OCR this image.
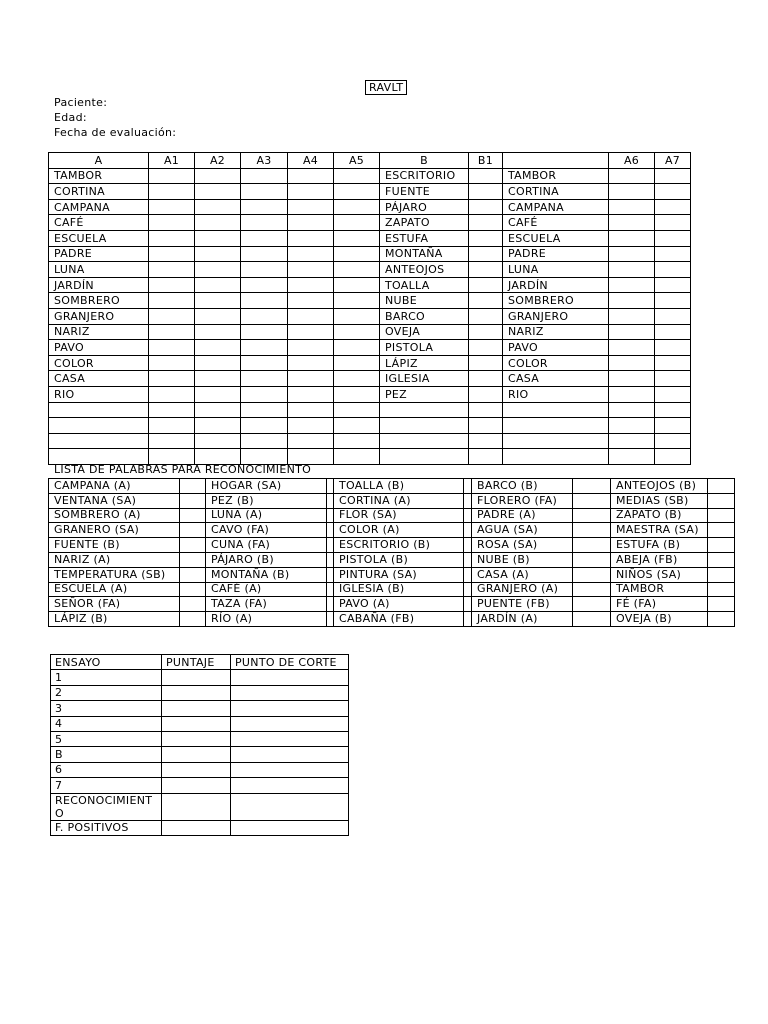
RAVLT
Paciente:
Edad:
Fecha de evaluación:
A	A1	A2	A3	A4	A5	B	B1		A6	A7
TAMBOR						ESCRITORIO		TAMBOR		
CORTINA						FUENTE		CORTINA		
CAMPANA						PÁJARO		CAMPANA		
CAFÉ						ZAPATO		CAFÉ		
ESCUELA						ESTUFA		ESCUELA		
PADRE						MONTAÑA		PADRE		
LUNA						ANTEOJOS		LUNA		
JARDÍN						TOALLA		JARDÍN		
SOMBRERO						NUBE		SOMBRERO		
GRANJERO						BARCO		GRANJERO		
NARIZ						OVEJA		NARIZ		
PAVO						PISTOLA		PAVO		
COLOR						LÁPIZ		COLOR		
CASA						IGLESIA		CASA		
RIO						PEZ		RIO		

LISTA DE PALABRAS PARA RECONOCIMIENTO
CAMPANA (A)		HOGAR (SA)		TOALLA (B)		BARCO (B)		ANTEOJOS (B)	
VENTANA (SA)		PEZ (B)		CORTINA (A)		FLORERO (FA)		MEDIAS (SB)	
SOMBRERO (A)		LUNA (A)		FLOR (SA)		PADRE (A)		ZAPATO (B)	
GRANERO (SA)		CAVO (FA)		COLOR (A)		AGUA (SA)		MAESTRA (SA)	
FUENTE (B)		CUNA (FA)		ESCRITORIO (B)		ROSA (SA)		ESTUFA (B)	
NARIZ (A)		PÁJARO (B)		PISTOLA (B)		NUBE (B)		ABEJA (FB)	
TEMPERATURA (SB)		MONTAÑA (B)		PINTURA (SA)		CASA (A)		NIÑOS (SA)	
ESCUELA (A)		CAFÉ (A)		IGLESIA (B)		GRANJERO (A)		TAMBOR	
SEÑOR (FA)		TAZA (FA)		PAVO (A)		PUENTE (FB)		FÉ (FA)	
LÁPIZ (B)		RÍO (A)		CABAÑA (FB)		JARDÍN (A)		OVEJA (B)	
ENSAYO	PUNTAJE	PUNTO DE CORTE
1		
2		
3		
4		
5		
B		
6		
7		
RECONOCIMIENTO		
F. POSITIVOS		
